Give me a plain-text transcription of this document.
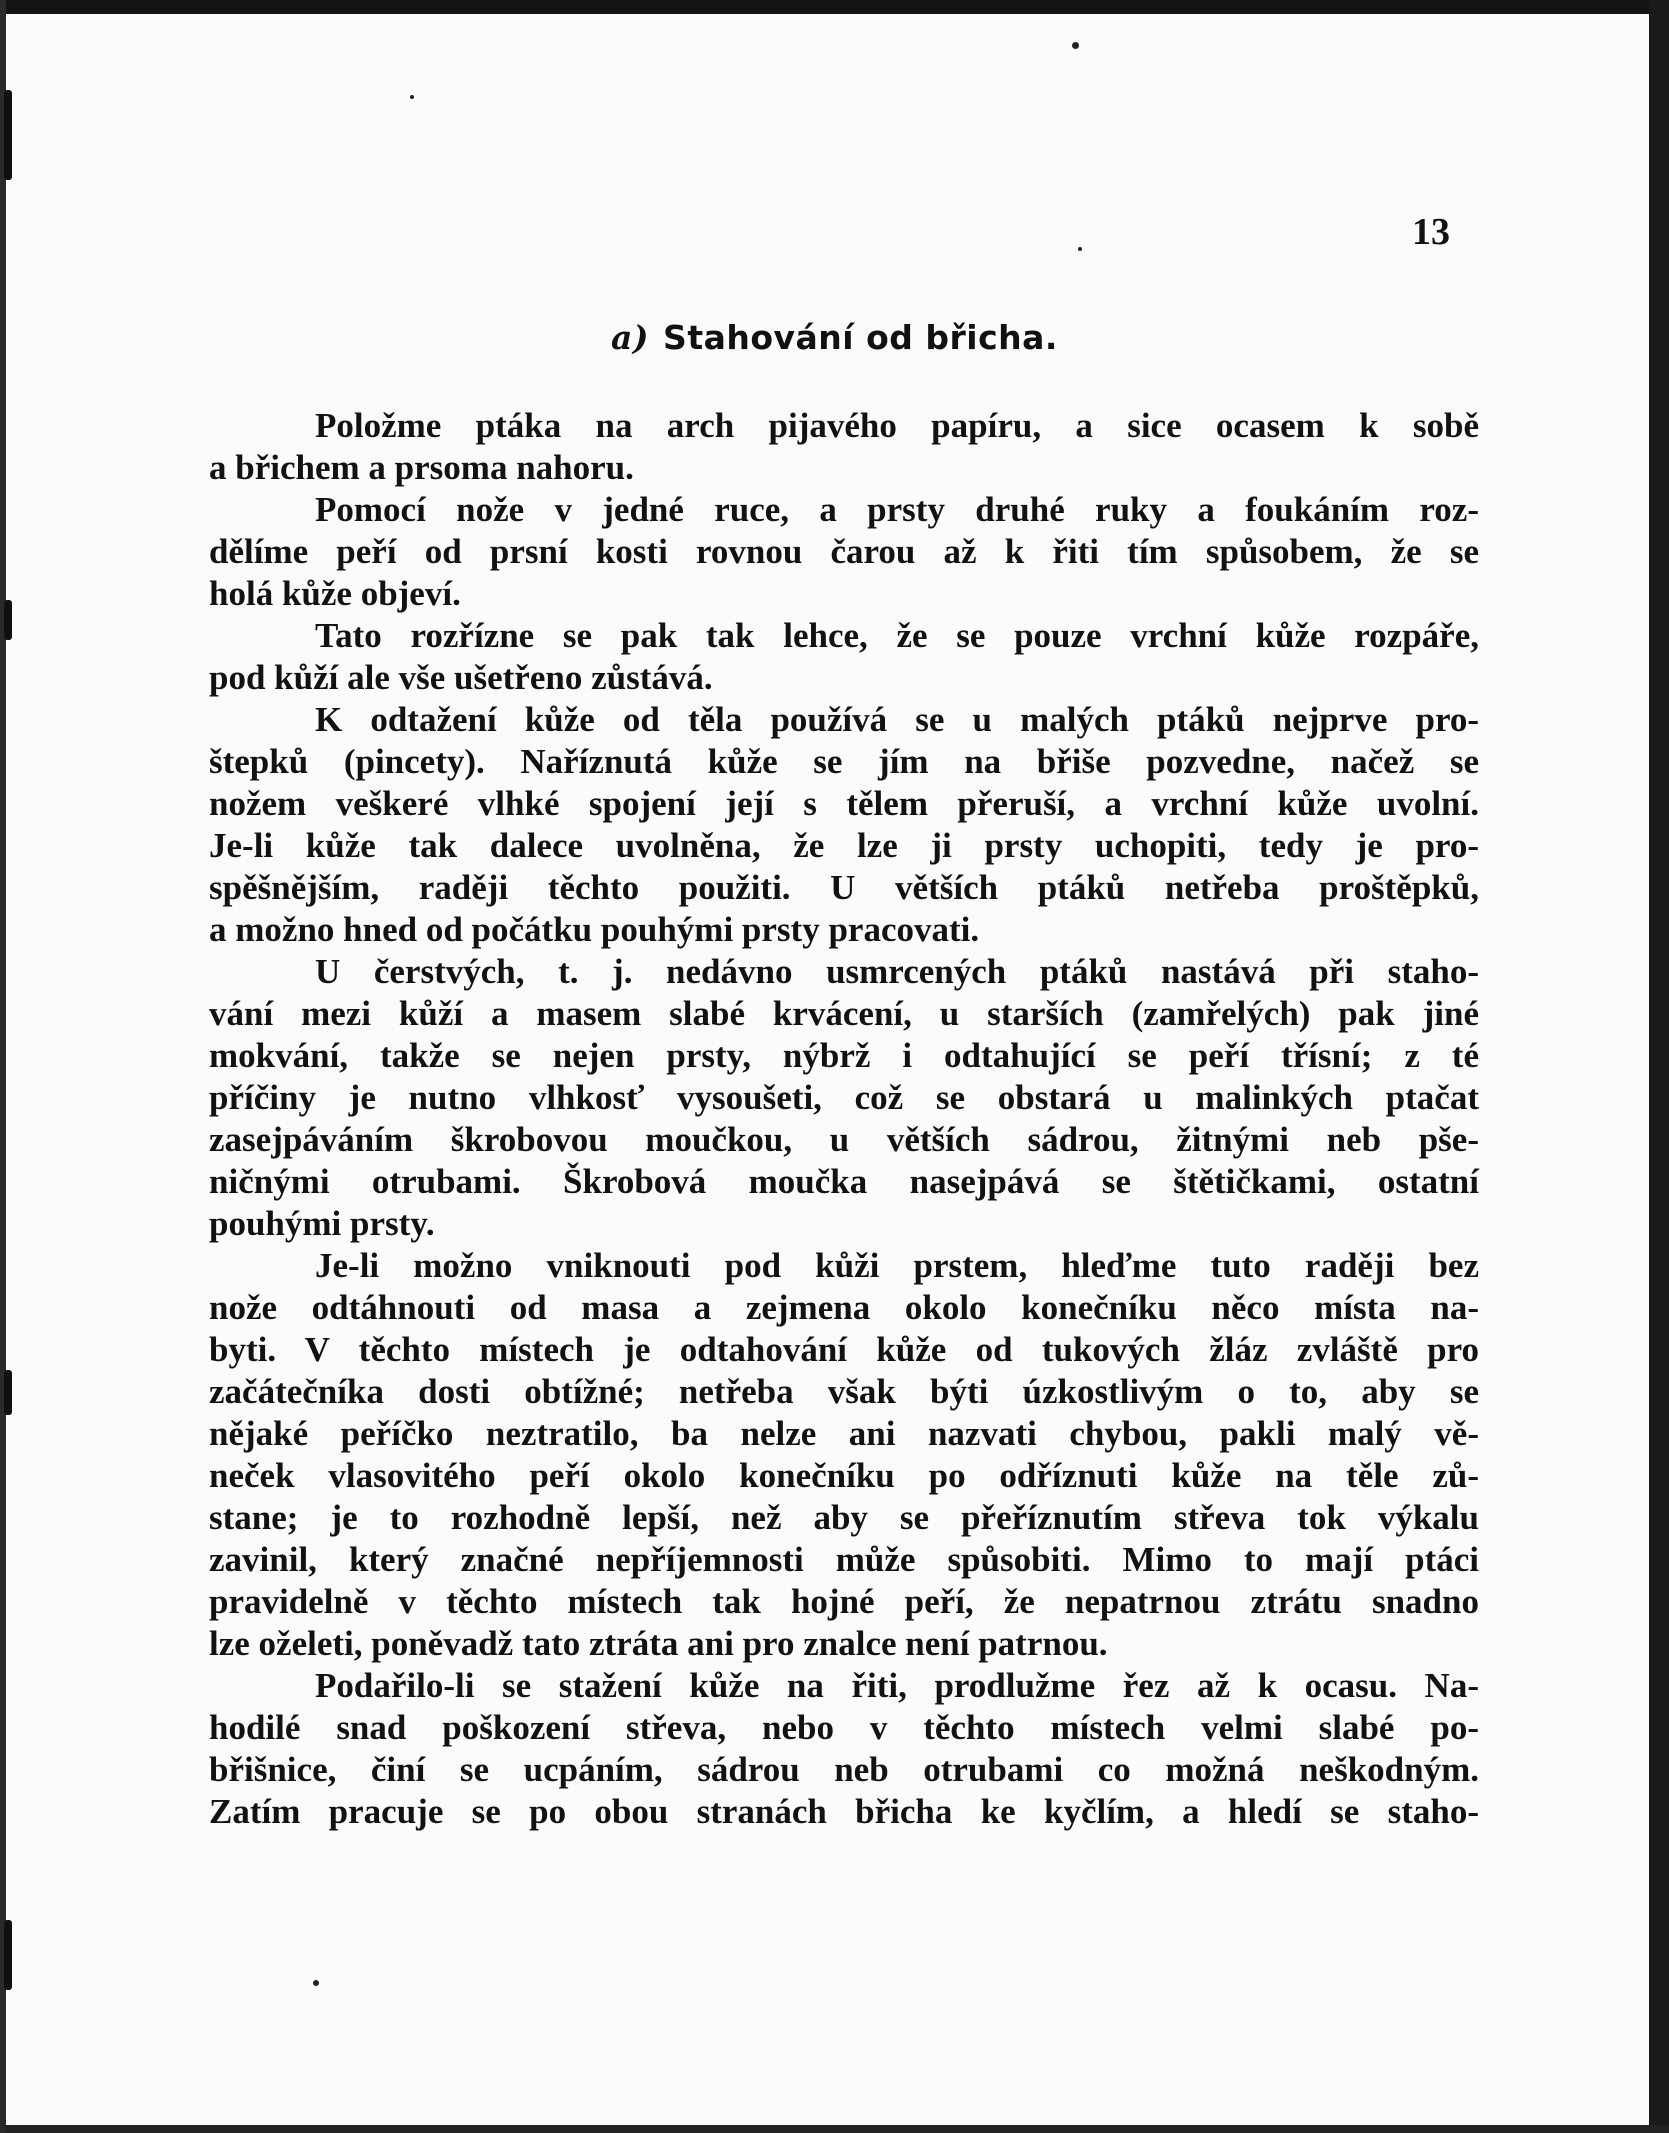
13
a) Stahování od břicha.
Položme ptáka na arch pijavého papíru, a sice ocasem k sobě
a břichem a prsoma nahoru.
Pomocí nože v jedné ruce, a prsty druhé ruky a foukáním roz-
dělíme peří od prsní kosti rovnou čarou až k řiti tím spůsobem, že se
holá kůže objeví.
Tato rozřízne se pak tak lehce, že se pouze vrchní kůže rozpáře,
pod kůží ale vše ušetřeno zůstává.
K odtažení kůže od těla používá se u malých ptáků nejprve pro-
štepků (pincety). Naříznutá kůže se jím na břiše pozvedne, načež se
nožem veškeré vlhké spojení její s tělem přeruší, a vrchní kůže uvolní.
Je-li kůže tak dalece uvolněna, že lze ji prsty uchopiti, tedy je pro-
spěšnějším, raději těchto použiti. U větších ptáků netřeba proštěpků,
a možno hned od počátku pouhými prsty pracovati.
U čerstvých, t. j. nedávno usmrcených ptáků nastává při staho-
vání mezi kůží a masem slabé krvácení, u starších (zamřelých) pak jiné
mokvání, takže se nejen prsty, nýbrž i odtahující se peří třísní; z té
příčiny je nutno vlhkosť vysoušeti, což se obstará u malinkých ptačat
zasejpáváním škrobovou moučkou, u větších sádrou, žitnými neb pše-
ničnými otrubami. Škrobová moučka nasejpává se štětičkami, ostatní
pouhými prsty.
Je-li možno vniknouti pod kůži prstem, hleďme tuto raději bez
nože odtáhnouti od masa a zejmena okolo konečníku něco místa na-
byti. V těchto místech je odtahování kůže od tukových žláz zvláště pro
začátečníka dosti obtížné; netřeba však býti úzkostlivým o to, aby se
nějaké peříčko neztratilo, ba nelze ani nazvati chybou, pakli malý vě-
neček vlasovitého peří okolo konečníku po odříznuti kůže na těle zů-
stane; je to rozhodně lepší, než aby se přeříznutím střeva tok výkalu
zavinil, který značné nepříjemnosti může spůsobiti. Mimo to mají ptáci
pravidelně v těchto místech tak hojné peří, že nepatrnou ztrátu snadno
lze oželeti, poněvadž tato ztráta ani pro znalce není patrnou.
Podařilo-li se stažení kůže na řiti, prodlužme řez až k ocasu. Na-
hodilé snad poškození střeva, nebo v těchto místech velmi slabé po-
břišnice, činí se ucpáním, sádrou neb otrubami co možná neškodným.
Zatím pracuje se po obou stranách břicha ke kyčlím, a hledí se staho-
